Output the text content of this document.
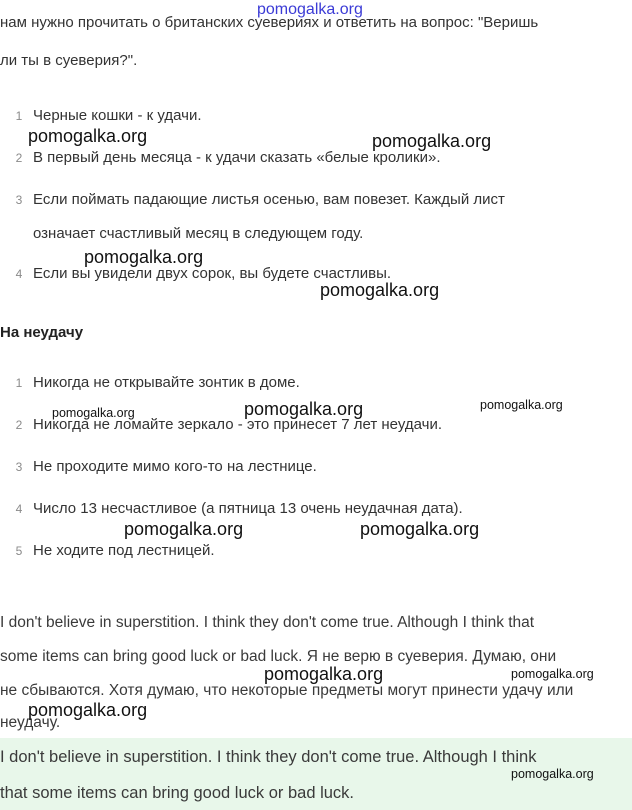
нам нужно прочитать о британских суевериях и ответить на вопрос: "Веришь
ли ты в суеверия?".
1 Черные кошки - к удачи.
2 В первый день месяца - к удачи сказать «белые кролики».
3 Если поймать падающие листья осенью, вам повезет. Каждый лист
означает счастливый месяц в следующем году.
4 Если вы увидели двух сорок, вы будете счастливы.
На неудачу
1 Никогда не открывайте зонтик в доме.
2 Никогда не ломайте зеркало - это принесет 7 лет неудачи.
3 Не проходите мимо кого-то на лестнице.
4 Число 13 несчастливое (а пятница 13 очень неудачная дата).
5 Не ходите под лестницей.
I don't believe in superstition. I think they don't come true. Although I think that
some items can bring good luck or bad luck. Я не верю в суеверия. Думаю, они
не сбываются. Хотя думаю, что некоторые предметы могут принести удачу или
неудачу.
I don't believe in superstition. I think they don't come true. Although I think
that some items can bring good luck or bad luck.
pomogalka.org
pomogalka.org	pomogalka.org
pomogalka.org
pomogalka.org
pomogalka.org	pomogalka.org	pomogalka.org
pomogalka.org	pomogalka.org
pomogalka.org	pomogalka.org
pomogalka.org
pomogalka.org
